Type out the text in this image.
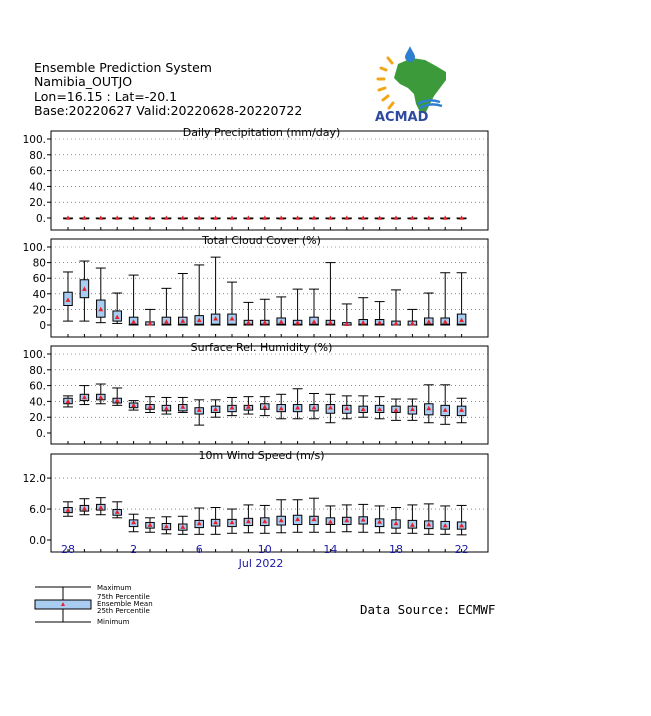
Ensemble Prediction System
Namibia_OUTJO
Lon=16.15 : Lat=-20.1
Base:20220627 Valid:20220628-20220722	ACMAD
Daily Precipitation (mm/day)
0.
20.
40.
60.
80.
100.
Total Cloud Cover (%)
0
20
40
60
80
100.
Surface Rel. Humidity (%)
0.
20.
40.
60.
80.
100.
10m Wind Speed (m/s)
0.0
6.0
12.0
28	2	6	10	14	18	22
Jul 2022
Maximum
75th Percentile
Ensemble Mean
25th Percentile
Minimum
Data Source: ECMWF
